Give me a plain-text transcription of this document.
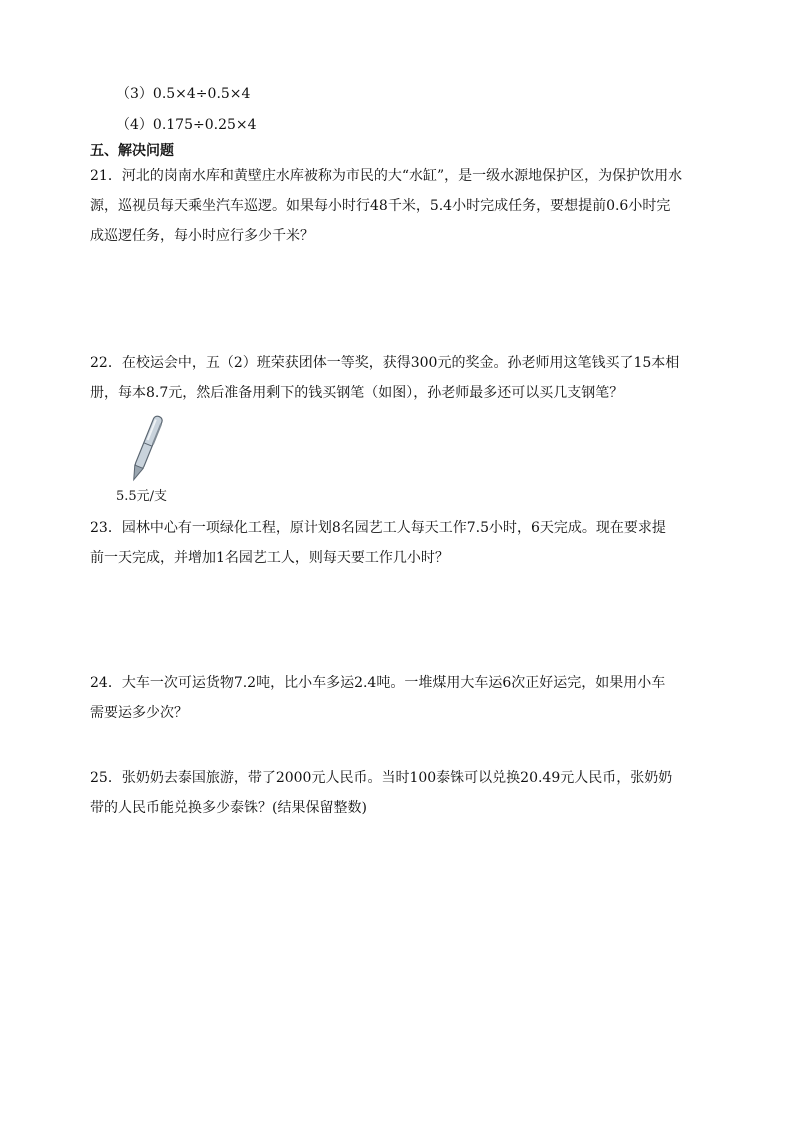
（3）0.5×4÷0.5×4
（4）0.175÷0.25×4
五、解决问题
21．河北的岗南水库和黄壁庄水库被称为市民的大“水缸”，是一级水源地保护区，为保护饮用水
源，巡视员每天乘坐汽车巡逻。如果每小时行48千米，5.4小时完成任务，要想提前0.6小时完
成巡逻任务，每小时应行多少千米？
22．在校运会中，五（2）班荣获团体一等奖，获得300元的奖金。孙老师用这笔钱买了15本相
册，每本8.7元，然后准备用剩下的钱买钢笔（如图），孙老师最多还可以买几支钢笔？
5.5元/支
23．园林中心有一项绿化工程，原计划8名园艺工人每天工作7.5小时，6天完成。现在要求提
前一天完成，并增加1名园艺工人，则每天要工作几小时？
24．大车一次可运货物7.2吨，比小车多运2.4吨。一堆煤用大车运6次正好运完，如果用小车
需要运多少次？
25．张奶奶去泰国旅游，带了2000元人民币。当时100泰铢可以兑换20.49元人民币，张奶奶
带的人民币能兑换多少泰铢？(结果保留整数)
